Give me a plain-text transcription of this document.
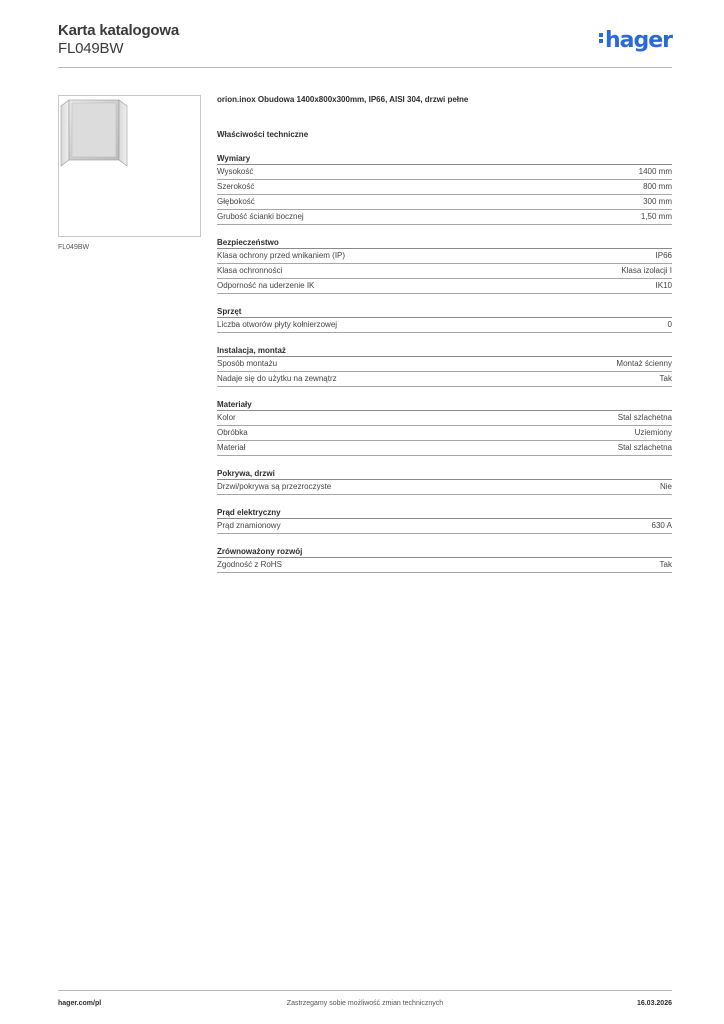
Karta katalogowa
FL049BW	hager
FL049BW
orion.inox Obudowa 1400x800x300mm, IP66, AISI 304, drzwi pełne
Właściwości techniczne
Wymiary
Wysokość	1400 mm
Szerokość	800 mm
Głębokość	300 mm
Grubość ścianki bocznej	1,50 mm
Bezpieczeństwo
Klasa ochrony przed wnikaniem (IP)	IP66
Klasa ochronności	Klasa izolacji I
Odporność na uderzenie IK	IK10
Sprzęt
Liczba otworów płyty kołnierzowej	0
Instalacja, montaż
Sposób montażu	Montaż ścienny
Nadaje się do użytku na zewnątrz	Tak
Materiały
Kolor	Stal szlachetna
Obróbka	Uziemiony
Materiał	Stal szlachetna
Pokrywa, drzwi
Drzwi/pokrywa są przezroczyste	Nie
Prąd elektryczny
Prąd znamionowy	630 A
Zrównoważony rozwój
Zgodność z RoHS	Tak
hager.com/pl	Zastrzegamy sobie możliwość zmian technicznych	16.03.2026
